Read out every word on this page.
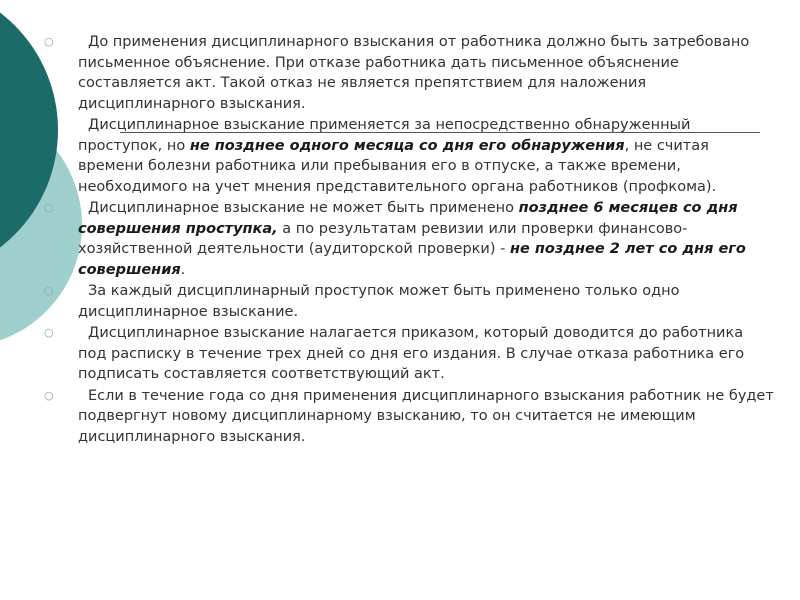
○ До применения дисциплинарного взыскания от работника должно быть затребовано письменное объяснение. При отказе работника дать письменное объяснение составляется акт. Такой отказ не является препятствием для наложения дисциплинарного взыскания.
Дисциплинарное взыскание применяется за непосредственно обнаруженный проступок, но не позднее одного месяца со дня его обнаружения, не считая времени болезни работника или пребывания его в отпуске, а также времени, необходимого на учет мнения представительного органа работников (профкома).
○ Дисциплинарное взыскание не может быть применено позднее 6 месяцев со дня совершения проступка, а по результатам ревизии или проверки финансово-хозяйственной деятельности (аудиторской проверки) - не позднее 2 лет со дня его совершения.
○ За каждый дисциплинарный проступок может быть применено только одно дисциплинарное взыскание.
○ Дисциплинарное взыскание налагается приказом, который доводится до работника под расписку в течение трех дней со дня его издания. В случае отказа работника его подписать составляется соответствующий акт.
○ Если в течение года со дня применения дисциплинарного взыскания работник не будет подвергнут новому дисциплинарному взысканию, то он считается не имеющим дисциплинарного взыскания.
